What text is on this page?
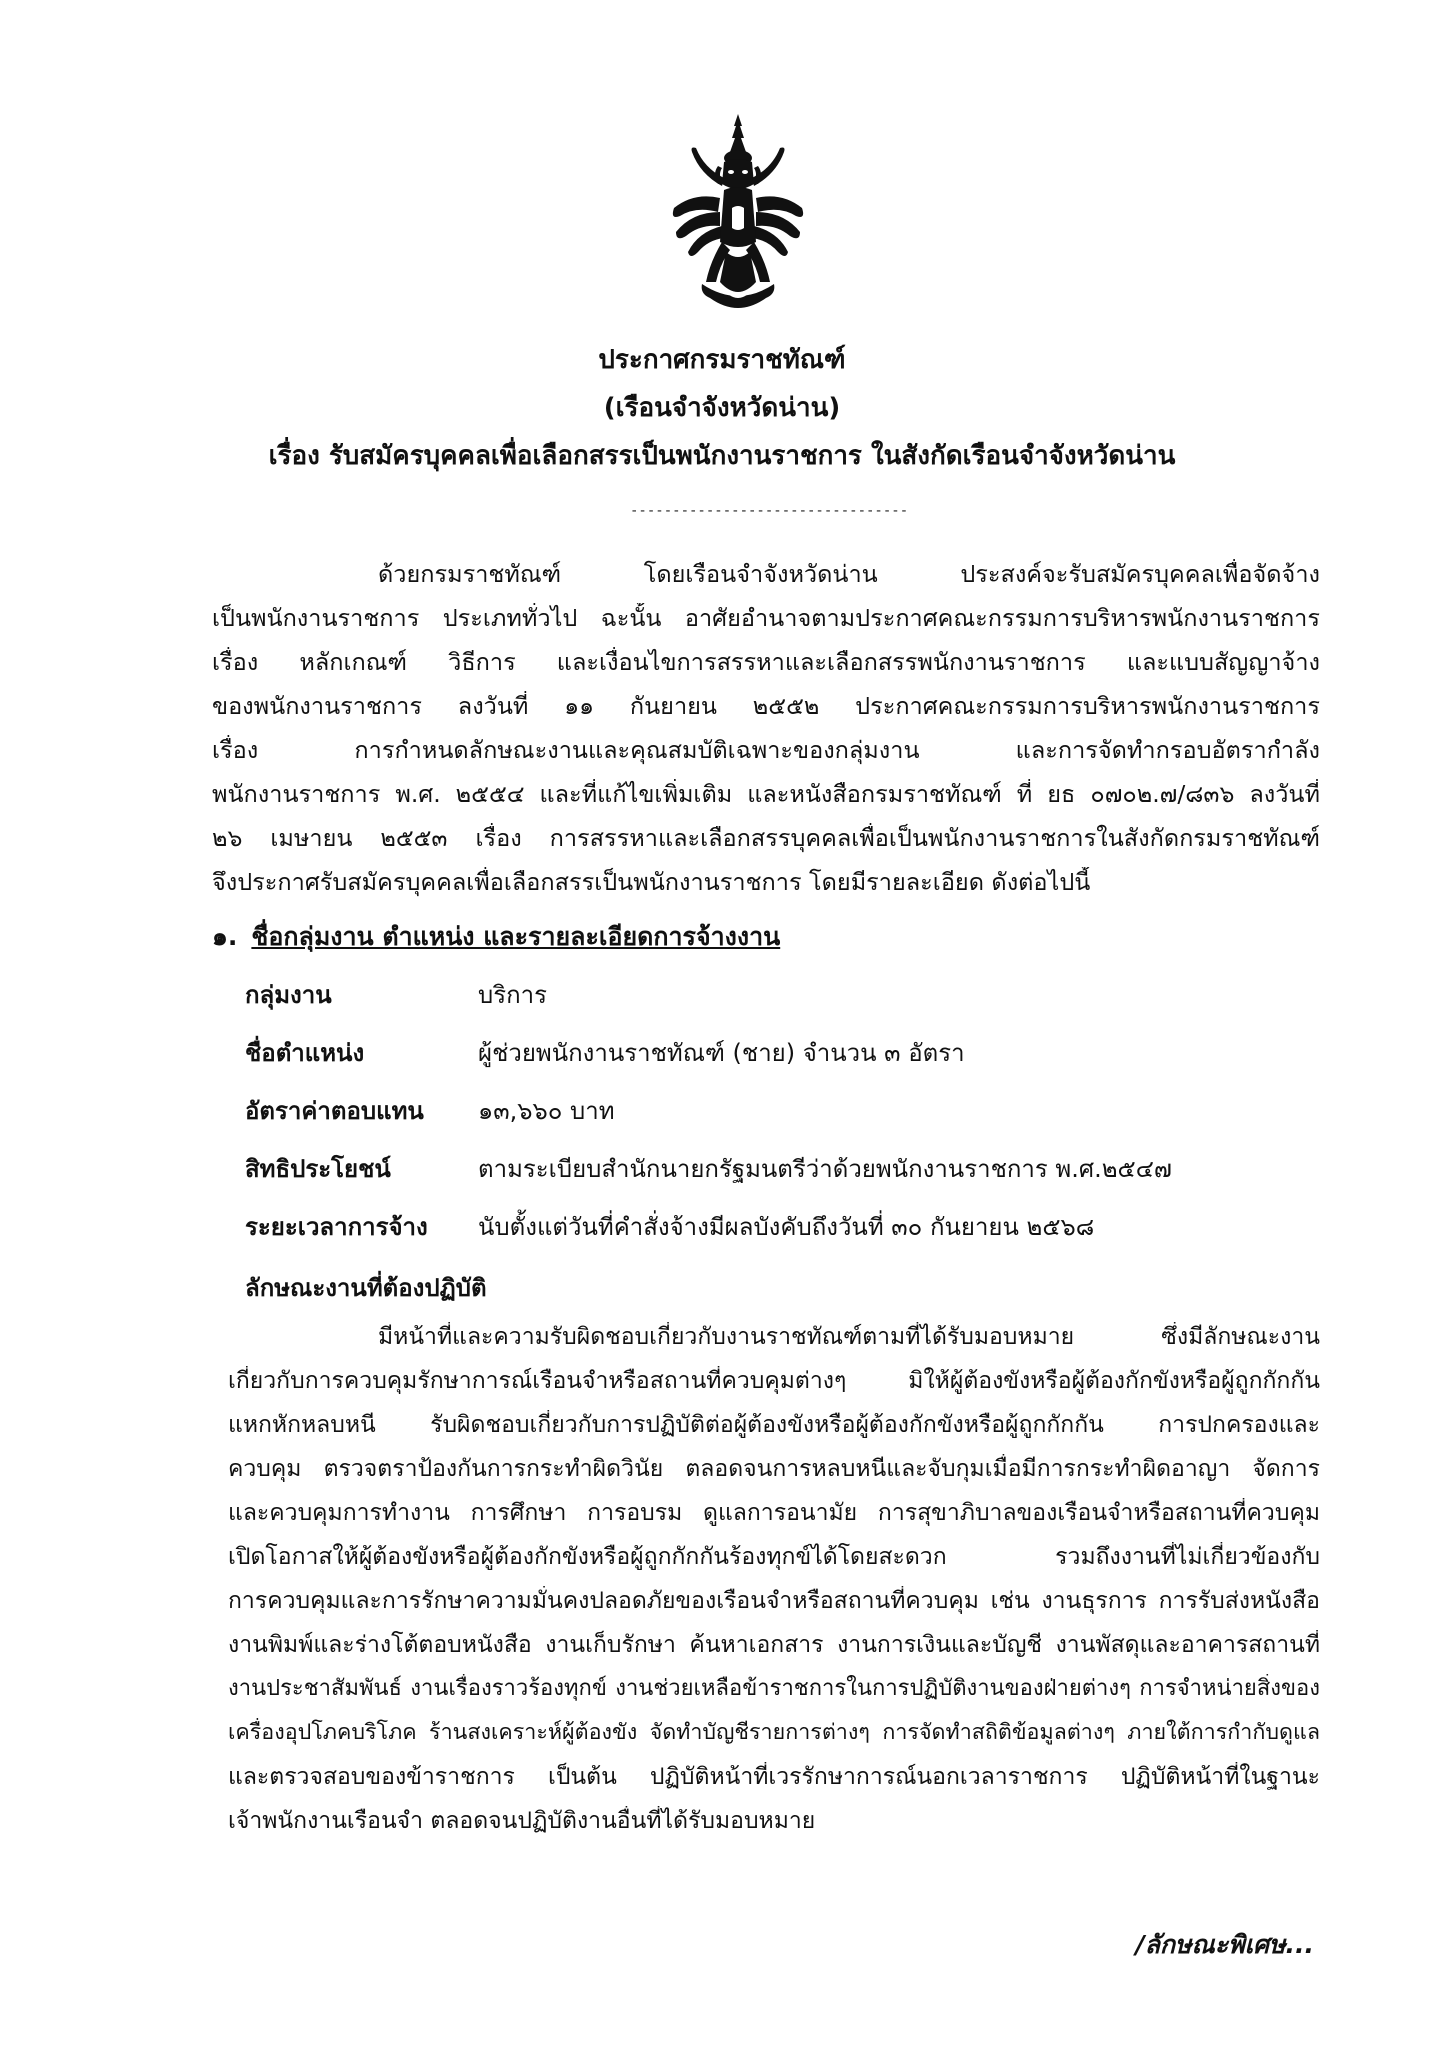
ประกาศกรมราชทัณฑ์
(เรือนจำจังหวัดน่าน)
เรื่อง รับสมัครบุคคลเพื่อเลือกสรรเป็นพนักงานราชการ ในสังกัดเรือนจำจังหวัดน่าน
---------------------------------
ด้วยกรมราชทัณฑ์ โดยเรือนจำจังหวัดน่าน ประสงค์จะรับสมัครบุคคลเพื่อจัดจ้าง
เป็นพนักงานราชการ ประเภททั่วไป ฉะนั้น อาศัยอำนาจตามประกาศคณะกรรมการบริหารพนักงานราชการ
เรื่อง หลักเกณฑ์ วิธีการ และเงื่อนไขการสรรหาและเลือกสรรพนักงานราชการ และแบบสัญญาจ้าง
ของพนักงานราชการ ลงวันที่ ๑๑ กันยายน ๒๕๕๒ ประกาศคณะกรรมการบริหารพนักงานราชการ
เรื่อง การกำหนดลักษณะงานและคุณสมบัติเฉพาะของกลุ่มงาน และการจัดทำกรอบอัตรากำลัง
พนักงานราชการ พ.ศ. ๒๕๕๔ และที่แก้ไขเพิ่มเติม และหนังสือกรมราชทัณฑ์ ที่ ยธ ๐๗๐๒.๗/๘๓๖ ลงวันที่
๒๖ เมษายน ๒๕๕๓ เรื่อง การสรรหาและเลือกสรรบุคคลเพื่อเป็นพนักงานราชการในสังกัดกรมราชทัณฑ์
จึงประกาศรับสมัครบุคคลเพื่อเลือกสรรเป็นพนักงานราชการ โดยมีรายละเอียด ดังต่อไปนี้
๑. ชื่อกลุ่มงาน ตำแหน่ง และรายละเอียดการจ้างงาน
กลุ่มงาน	บริการ
ชื่อตำแหน่ง	ผู้ช่วยพนักงานราชทัณฑ์ (ชาย) จำนวน ๓ อัตรา
อัตราค่าตอบแทน ๑๓,๖๖๐ บาท
สิทธิประโยชน์	ตามระเบียบสำนักนายกรัฐมนตรีว่าด้วยพนักงานราชการ พ.ศ.๒๕๔๗
ระยะเวลาการจ้าง นับตั้งแต่วันที่คำสั่งจ้างมีผลบังคับถึงวันที่ ๓๐ กันยายน ๒๕๖๘
ลักษณะงานที่ต้องปฏิบัติ
มีหน้าที่และความรับผิดชอบเกี่ยวกับงานราชทัณฑ์ตามที่ได้รับมอบหมาย ซึ่งมีลักษณะงาน
เกี่ยวกับการควบคุมรักษาการณ์เรือนจำหรือสถานที่ควบคุมต่างๆ มิให้ผู้ต้องขังหรือผู้ต้องกักขังหรือผู้ถูกกักกัน
แหกหักหลบหนี รับผิดชอบเกี่ยวกับการปฏิบัติต่อผู้ต้องขังหรือผู้ต้องกักขังหรือผู้ถูกกักกัน การปกครองและ
ควบคุม ตรวจตราป้องกันการกระทำผิดวินัย ตลอดจนการหลบหนีและจับกุมเมื่อมีการกระทำผิดอาญา จัดการ
และควบคุมการทำงาน การศึกษา การอบรม ดูแลการอนามัย การสุขาภิบาลของเรือนจำหรือสถานที่ควบคุม
เปิดโอกาสให้ผู้ต้องขังหรือผู้ต้องกักขังหรือผู้ถูกกักกันร้องทุกข์ได้โดยสะดวก รวมถึงงานที่ไม่เกี่ยวข้องกับ
การควบคุมและการรักษาความมั่นคงปลอดภัยของเรือนจำหรือสถานที่ควบคุม เช่น งานธุรการ การรับส่งหนังสือ
งานพิมพ์และร่างโต้ตอบหนังสือ งานเก็บรักษา ค้นหาเอกสาร งานการเงินและบัญชี งานพัสดุและอาคารสถานที่
งานประชาสัมพันธ์ งานเรื่องราวร้องทุกข์ งานช่วยเหลือข้าราชการในการปฏิบัติงานของฝ่ายต่างๆ การจำหน่ายสิ่งของ
เครื่องอุปโภคบริโภค ร้านสงเคราะห์ผู้ต้องขัง จัดทำบัญชีรายการต่างๆ การจัดทำสถิติข้อมูลต่างๆ ภายใต้การกำกับดูแล
และตรวจสอบของข้าราชการ เป็นต้น ปฏิบัติหน้าที่เวรรักษาการณ์นอกเวลาราชการ ปฏิบัติหน้าที่ในฐานะ
เจ้าพนักงานเรือนจำ ตลอดจนปฏิบัติงานอื่นที่ได้รับมอบหมาย
/ลักษณะพิเศษ...
